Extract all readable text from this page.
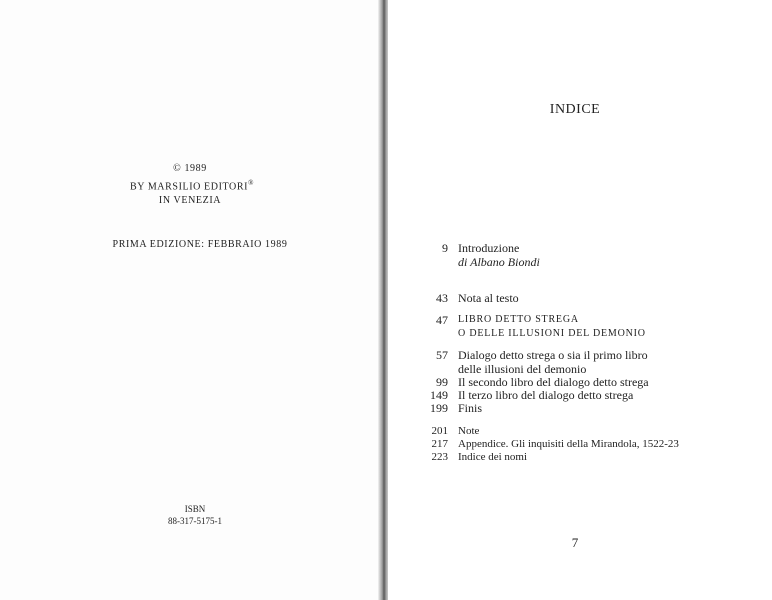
© 1989
BY MARSILIO EDITORI®
IN VENEZIA
PRIMA EDIZIONE: FEBBRAIO 1989
ISBN
88-317-5175-1
INDICE
9 Introduzione
di Albano Biondi
43 Nota al testo
47 LIBRO DETTO STREGA
O DELLE ILLUSIONI DEL DEMONIO
57 Dialogo detto strega o sia il primo libro
delle illusioni del demonio
99 Il secondo libro del dialogo detto strega
149 Il terzo libro del dialogo detto strega
199 Finis
201 Note
217 Appendice. Gli inquisiti della Mirandola, 1522-23
223 Indice dei nomi
7
